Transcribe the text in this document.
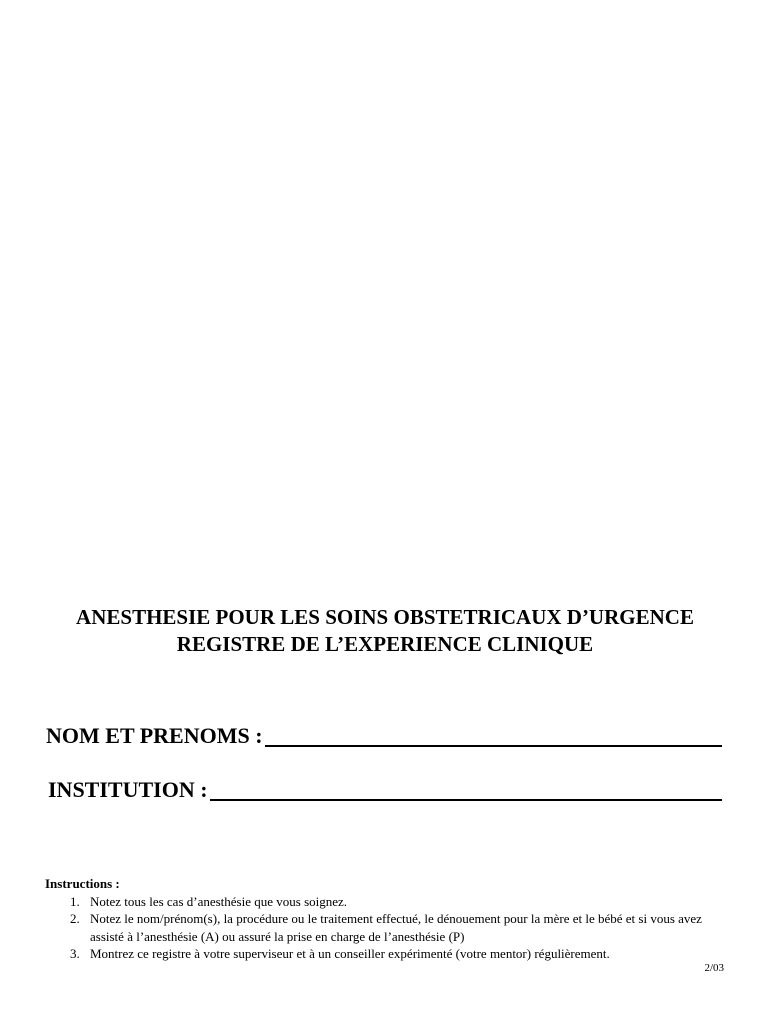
ANESTHESIE POUR LES SOINS OBSTETRICAUX D’URGENCE
REGISTRE DE L’EXPERIENCE CLINIQUE
NOM ET PRENOMS :
INSTITUTION :
Instructions :
1. Notez tous les cas d’anesthésie que vous soignez.
2. Notez le nom/prénom(s), la procédure ou le traitement effectué, le dénouement pour la mère et le bébé et si vous avez assisté à l’anesthésie (A) ou assuré la prise en charge de l’anesthésie (P)
3. Montrez ce registre à votre superviseur et à un conseiller expérimenté (votre mentor) régulièrement.
2/03
